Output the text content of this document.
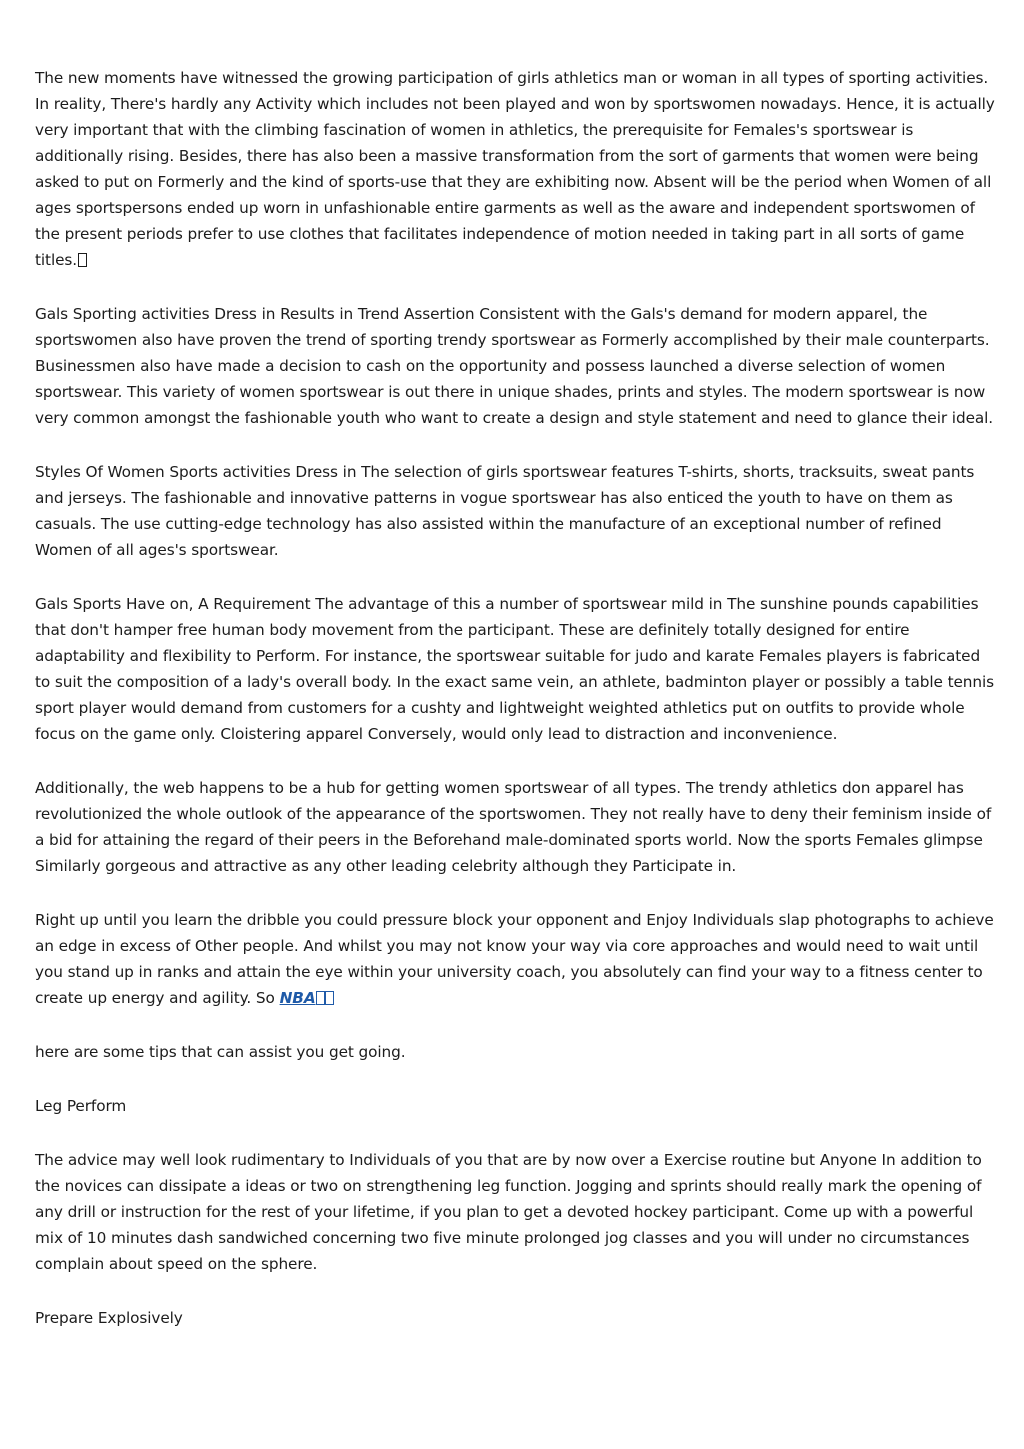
The new moments have witnessed the growing participation of girls athletics man or woman in all types of sporting activities. In reality, There's hardly any Activity which includes not been played and won by sportswomen nowadays. Hence, it is actually very important that with the climbing fascination of women in athletics, the prerequisite for Females's sportswear is additionally rising. Besides, there has also been a massive transformation from the sort of garments that women were being asked to put on Formerly and the kind of sports-use that they are exhibiting now. Absent will be the period when Women of all ages sportspersons ended up worn in unfashionable entire garments as well as the aware and independent sportswomen of the present periods prefer to use clothes that facilitates independence of motion needed in taking part in all sorts of game titles.

Gals Sporting activities Dress in Results in Trend Assertion Consistent with the Gals's demand for modern apparel, the sportswomen also have proven the trend of sporting trendy sportswear as Formerly accomplished by their male counterparts. Businessmen also have made a decision to cash on the opportunity and possess launched a diverse selection of women sportswear. This variety of women sportswear is out there in unique shades, prints and styles. The modern sportswear is now very common amongst the fashionable youth who want to create a design and style statement and need to glance their ideal.

Styles Of Women Sports activities Dress in The selection of girls sportswear features T-shirts, shorts, tracksuits, sweat pants and jerseys. The fashionable and innovative patterns in vogue sportswear has also enticed the youth to have on them as casuals. The use cutting-edge technology has also assisted within the manufacture of an exceptional number of refined Women of all ages's sportswear.

Gals Sports Have on, A Requirement The advantage of this a number of sportswear mild in The sunshine pounds capabilities that don't hamper free human body movement from the participant. These are definitely totally designed for entire adaptability and flexibility to Perform. For instance, the sportswear suitable for judo and karate Females players is fabricated to suit the composition of a lady's overall body. In the exact same vein, an athlete, badminton player or possibly a table tennis sport player would demand from customers for a cushty and lightweight weighted athletics put on outfits to provide whole focus on the game only. Cloistering apparel Conversely, would only lead to distraction and inconvenience.

Additionally, the web happens to be a hub for getting women sportswear of all types. The trendy athletics don apparel has revolutionized the whole outlook of the appearance of the sportswomen. They not really have to deny their feminism inside of a bid for attaining the regard of their peers in the Beforehand male-dominated sports world. Now the sports Females glimpse Similarly gorgeous and attractive as any other leading celebrity although they Participate in.

Right up until you learn the dribble you could pressure block your opponent and Enjoy Individuals slap photographs to achieve an edge in excess of Other people. And whilst you may not know your way via core approaches and would need to wait until you stand up in ranks and attain the eye within your university coach, you absolutely can find your way to a fitness center to create up energy and agility. So NBA

here are some tips that can assist you get going.

Leg Perform

The advice may well look rudimentary to Individuals of you that are by now over a Exercise routine but Anyone In addition to the novices can dissipate a ideas or two on strengthening leg function. Jogging and sprints should really mark the opening of any drill or instruction for the rest of your lifetime, if you plan to get a devoted hockey participant. Come up with a powerful mix of 10 minutes dash sandwiched concerning two five minute prolonged jog classes and you will under no circumstances complain about speed on the sphere.

Prepare Explosively
